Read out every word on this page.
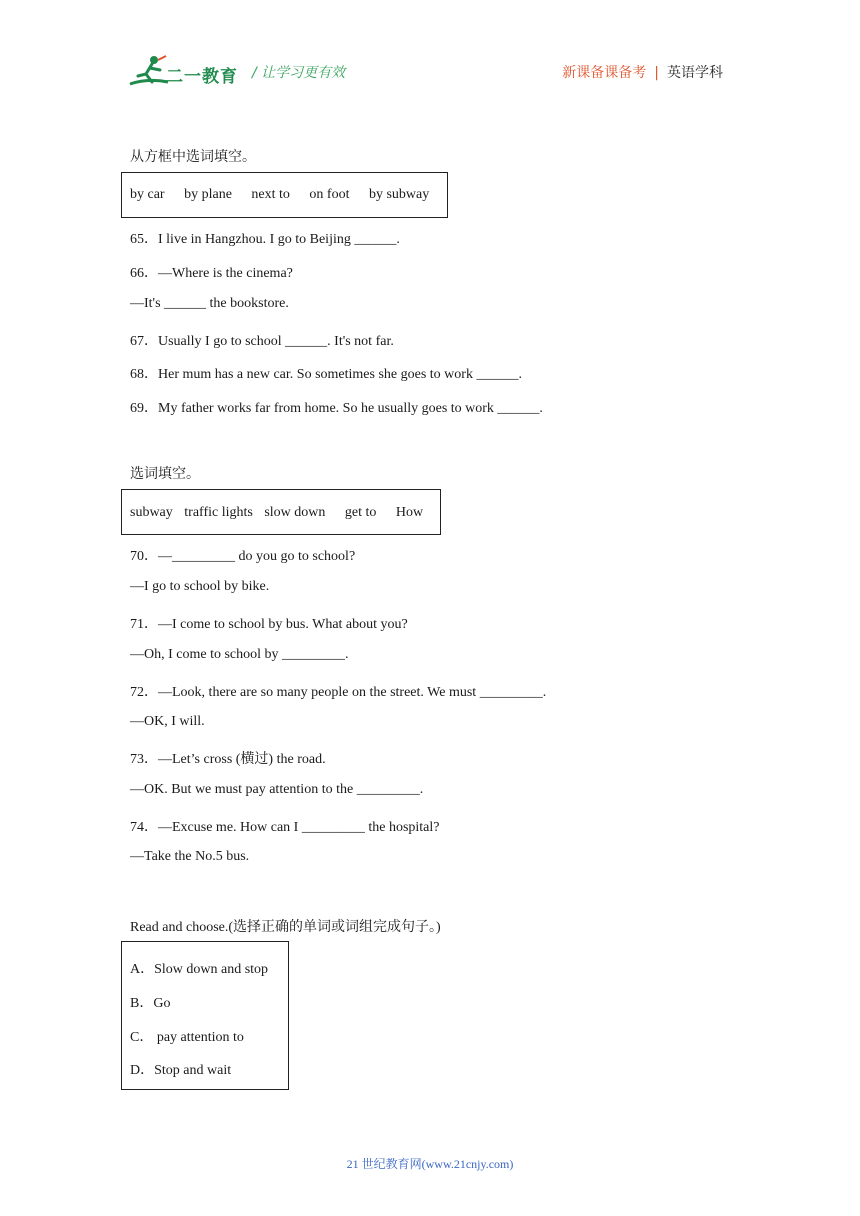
二一教育 / 让学习更有效	新课备课备考 | 英语学科
从方框中选词填空。
by car by plane next to on foot by subway
65．I live in Hangzhou. I go to Beijing ______.
66．—Where is the cinema?
—It's ______ the bookstore.
67．Usually I go to school ______. It's not far.
68．Her mum has a new car. So sometimes she goes to work ______.
69．My father works far from home. So he usually goes to work ______.
选词填空。
subway traffic lights slow down get to How
70．—_________ do you go to school?
—I go to school by bike.
71．—I come to school by bus. What about you?
—Oh, I come to school by _________.
72．—Look, there are so many people on the street. We must _________.
—OK, I will.
73．—Let’s cross (横过) the road.
—OK. But we must pay attention to the _________.
74．—Excuse me. How can I _________ the hospital?
—Take the No.5 bus.
Read and choose.(选择正确的单词或词组完成句子。)
A．Slow down and stop
B．Go
C． pay attention to
D．Stop and wait
21 世纪教育网(www.21cnjy.com)
